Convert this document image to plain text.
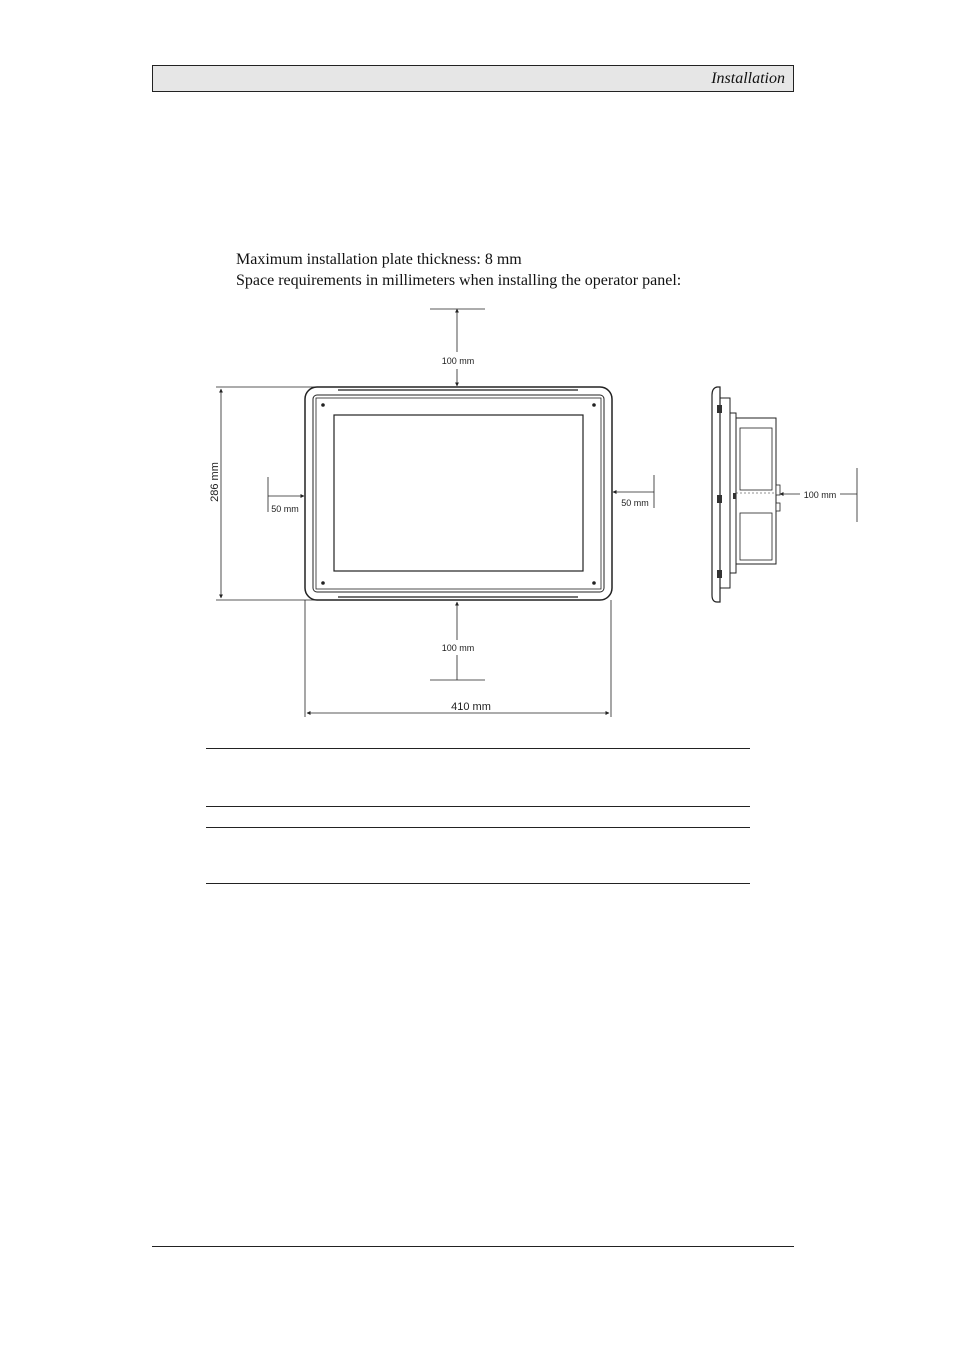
Installation
Maximum installation plate thickness: 8 mm
Space requirements in millimeters when installing the operator panel:
100 mm
100 mm
50 mm
50 mm
100 mm
286 mm
410 mm
